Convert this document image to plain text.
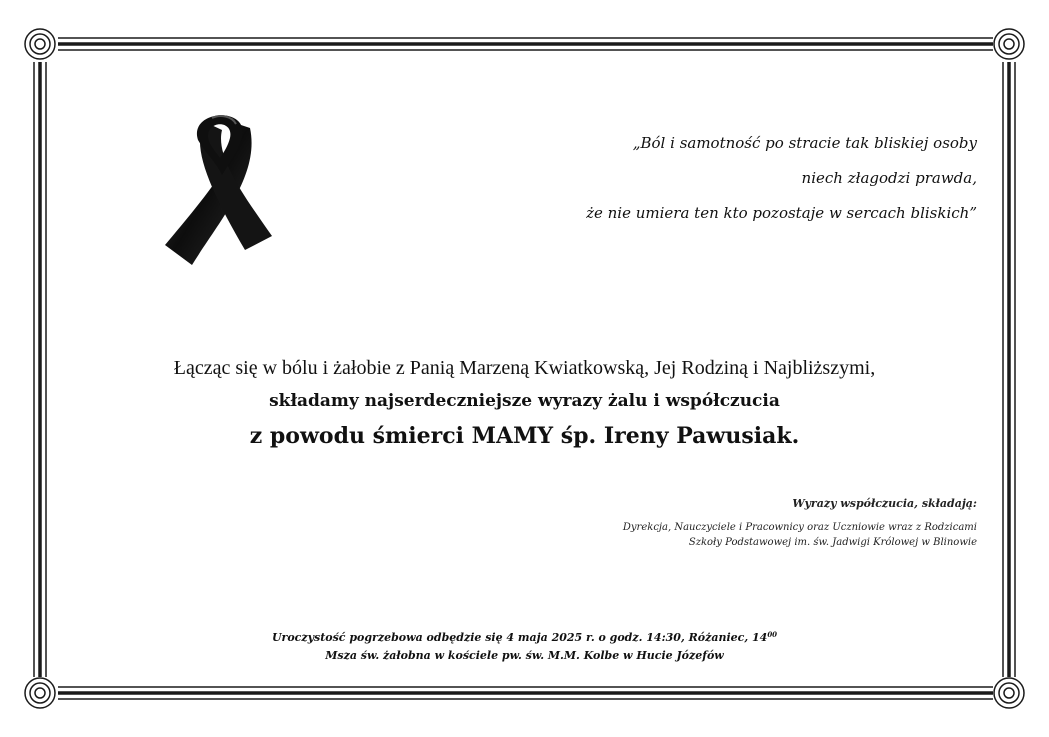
„Ból i samotność po stracie tak bliskiej osoby
niech złagodzi prawda,
że nie umiera ten kto pozostaje w sercach bliskich”
Łącząc się w bólu i żałobie z Panią Marzeną Kwiatkowską, Jej Rodziną i Najbliższymi,
składamy najserdeczniejsze wyrazy żalu i współczucia
z powodu śmierci MAMY śp. Ireny Pawusiak.
Wyrazy współczucia, składają:
Dyrekcja, Nauczyciele i Pracownicy oraz Uczniowie wraz z Rodzicami
Szkoły Podstawowej im. św. Jadwigi Królowej w Blinowie
Uroczystość pogrzebowa odbędzie się 4 maja 2025 r. o godz. 14:30, Różaniec, $14^{00}$
Msza św. żałobna w kościele pw. św. M.M. Kolbe w Hucie Józefów
